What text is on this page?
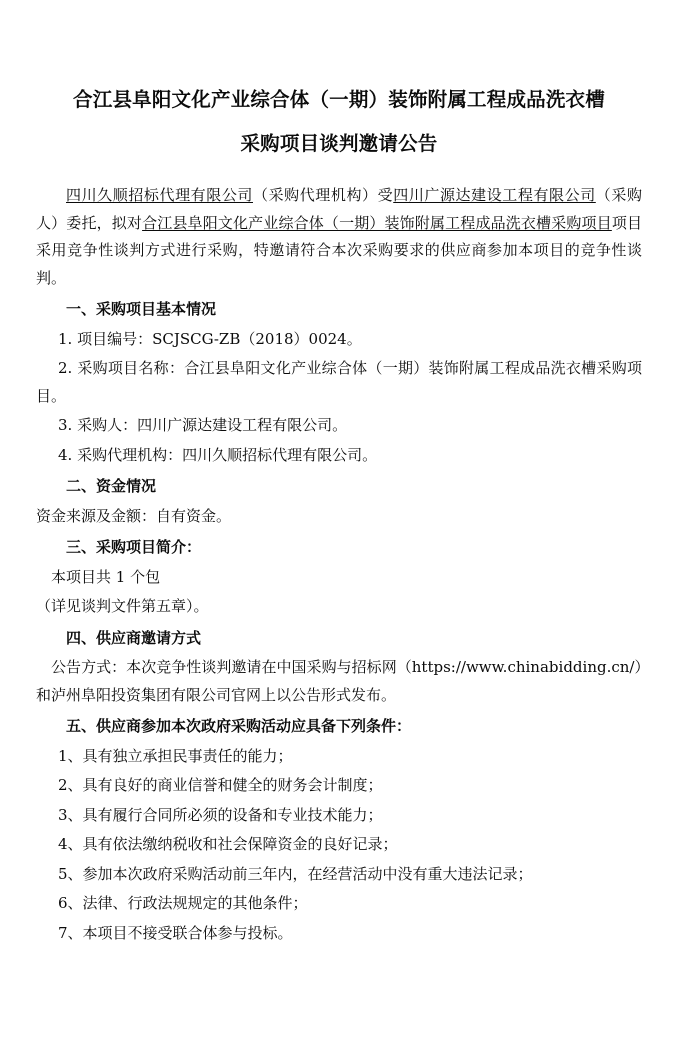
合江县阜阳文化产业综合体（一期）装饰附属工程成品洗衣槽
采购项目谈判邀请公告

四川久顺招标代理有限公司（采购代理机构）受四川广源达建设工程有限公司（采购人）委托，拟对合江县阜阳文化产业综合体（一期）装饰附属工程成品洗衣槽采购项目项目采用竞争性谈判方式进行采购，特邀请符合本次采购要求的供应商参加本项目的竞争性谈判。

一、采购项目基本情况

1. 项目编号：SCJSCG-ZB（2018）0024。

2. 采购项目名称：合江县阜阳文化产业综合体（一期）装饰附属工程成品洗衣槽采购项目。

3. 采购人：四川广源达建设工程有限公司。

4. 采购代理机构：四川久顺招标代理有限公司。

二、资金情况

资金来源及金额：自有资金。

三、采购项目简介：

本项目共 1 个包

（详见谈判文件第五章）。

四、供应商邀请方式

公告方式：本次竞争性谈判邀请在中国采购与招标网（https://www.chinabidding.cn/）和泸州阜阳投资集团有限公司官网上以公告形式发布。

五、供应商参加本次政府采购活动应具备下列条件：

1、具有独立承担民事责任的能力；

2、具有良好的商业信誉和健全的财务会计制度；

3、具有履行合同所必须的设备和专业技术能力；

4、具有依法缴纳税收和社会保障资金的良好记录；

5、参加本次政府采购活动前三年内，在经营活动中没有重大违法记录；

6、法律、行政法规规定的其他条件；

7、本项目不接受联合体参与投标。
